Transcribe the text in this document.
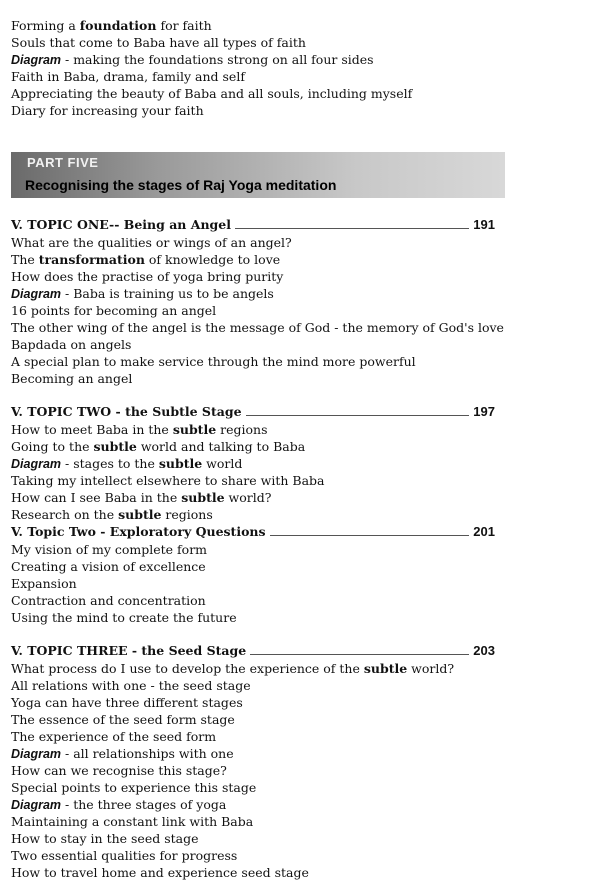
Forming a foundation for faith
Souls that come to Baba have all types of faith
Diagram - making the foundations strong on all four sides
Faith in Baba, drama, family and self
Appreciating the beauty of Baba and all souls, including myself
Diary for increasing your faith
PART FIVE
Recognising the stages of Raj Yoga meditation
V. TOPIC ONE-- Being an Angel	191
What are the qualities or wings of an angel?
The transformation of knowledge to love
How does the practise of yoga bring purity
Diagram - Baba is training us to be angels
16 points for becoming an angel
The other wing of the angel is the message of God - the memory of God's love
Bapdada on angels
A special plan to make service through the mind more powerful
Becoming an angel
V. TOPIC TWO - the Subtle Stage	197
How to meet Baba in the subtle regions
Going to the subtle world and talking to Baba
Diagram - stages to the subtle world
Taking my intellect elsewhere to share with Baba
How can I see Baba in the subtle world?
Research on the subtle regions
V. Topic Two - Exploratory Questions	201
My vision of my complete form
Creating a vision of excellence
Expansion
Contraction and concentration
Using the mind to create the future
V. TOPIC THREE - the Seed Stage	203
What process do I use to develop the experience of the subtle world?
All relations with one - the seed stage
Yoga can have three different stages
The essence of the seed form stage
The experience of the seed form
Diagram - all relationships with one
How can we recognise this stage?
Special points to experience this stage
Diagram - the three stages of yoga
Maintaining a constant link with Baba
How to stay in the seed stage
Two essential qualities for progress
How to travel home and experience seed stage
